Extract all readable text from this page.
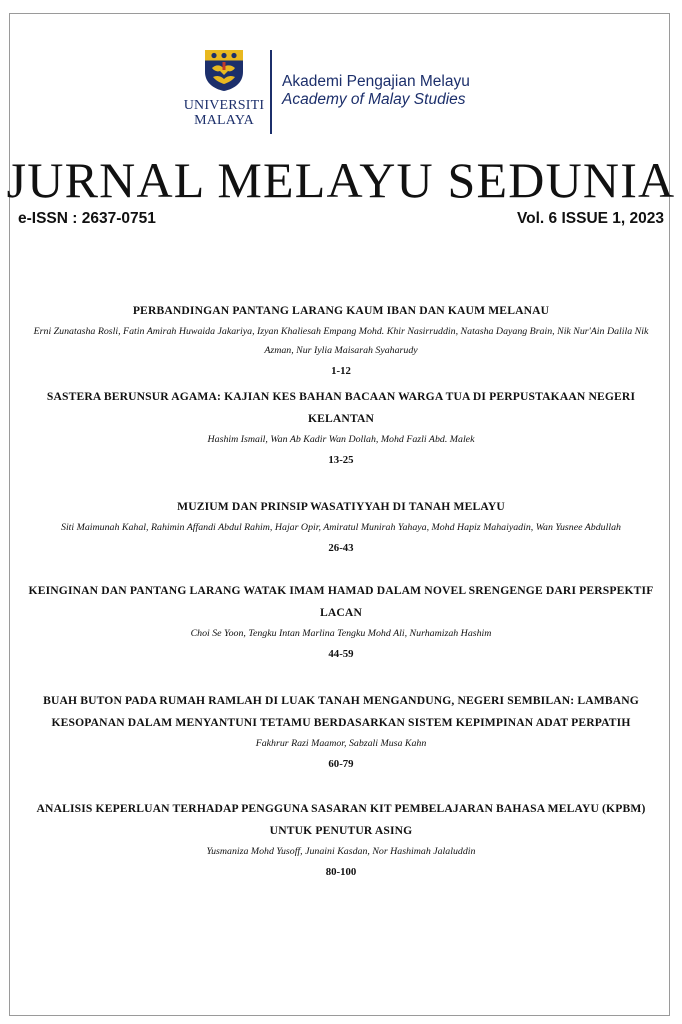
UNIVERSITI
MALAYA
Akademi Pengajian Melayu
Academy of Malay Studies
JURNAL MELAYU SEDUNIA
e-ISSN : 2637-0751	Vol. 6 ISSUE 1, 2023
PERBANDINGAN PANTANG LARANG KAUM IBAN DAN KAUM MELANAU
Erni Zunatasha Rosli, Fatin Amirah Huwaida Jakariya, Izyan Khaliesah Empang Mohd. Khir Nasirruddin, Natasha Dayang Brain, Nik Nur'Ain Dalila Nik Azman, Nur Iylia Maisarah Syaharudy
1-12
SASTERA BERUNSUR AGAMA: KAJIAN KES BAHAN BACAAN WARGA TUA DI PERPUSTAKAAN NEGERI KELANTAN
Hashim Ismail, Wan Ab Kadir Wan Dollah, Mohd Fazli Abd. Malek
13-25
MUZIUM DAN PRINSIP WASATIYYAH DI TANAH MELAYU
Siti Maimunah Kahal, Rahimin Affandi Abdul Rahim, Hajar Opir, Amiratul Munirah Yahaya, Mohd Hapiz Mahaiyadin, Wan Yusnee Abdullah
26-43
KEINGINAN DAN PANTANG LARANG WATAK IMAM HAMAD DALAM NOVEL SRENGENGE DARI PERSPEKTIF LACAN
Choi Se Yoon, Tengku Intan Marlina Tengku Mohd Ali, Nurhamizah Hashim
44-59
BUAH BUTON PADA RUMAH RAMLAH DI LUAK TANAH MENGANDUNG, NEGERI SEMBILAN: LAMBANG KESOPANAN DALAM MENYANTUNI TETAMU BERDASARKAN SISTEM KEPIMPINAN ADAT PERPATIH
Fakhrur Razi Maamor, Sabzali Musa Kahn
60-79
ANALISIS KEPERLUAN TERHADAP PENGGUNA SASARAN KIT PEMBELAJARAN BAHASA MELAYU (KPBM) UNTUK PENUTUR ASING
Yusmaniza Mohd Yusoff, Junaini Kasdan, Nor Hashimah Jalaluddin
80-100
